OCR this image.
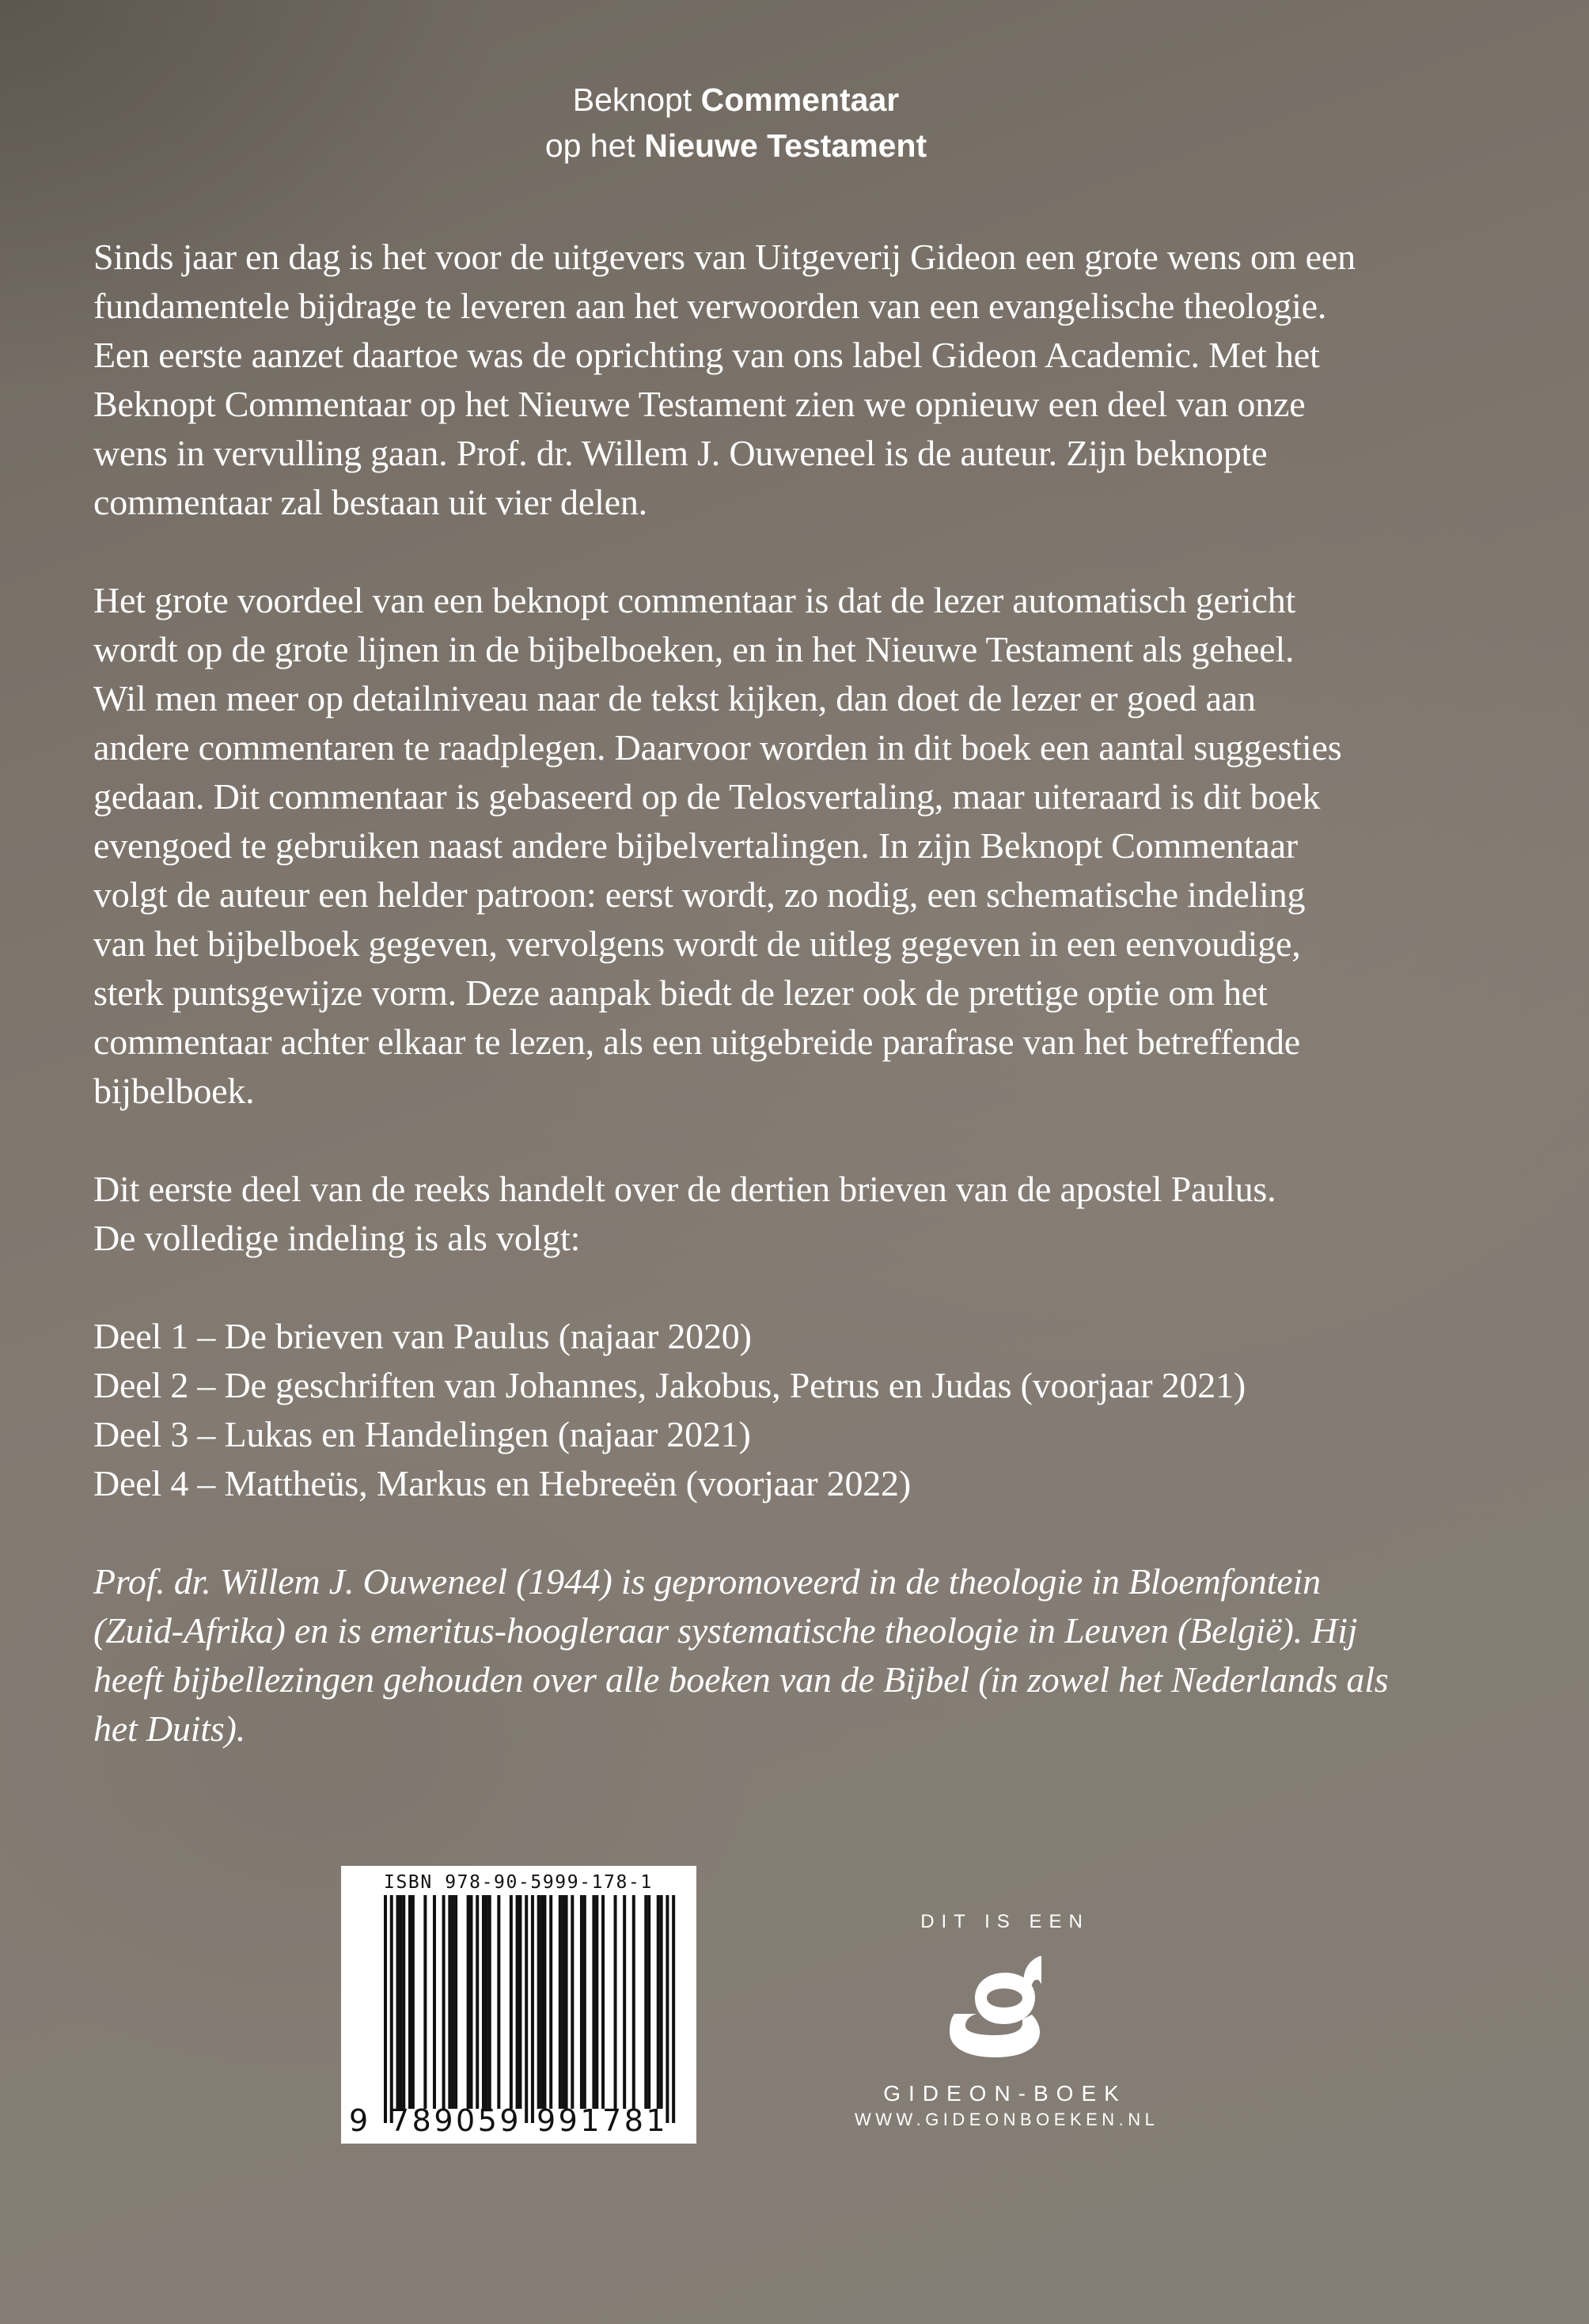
Beknopt Commentaar
op het Nieuwe Testament
Sinds jaar en dag is het voor de uitgevers van Uitgeverij Gideon een grote wens om een
fundamentele bijdrage te leveren aan het verwoorden van een evangelische theologie.
Een eerste aanzet daartoe was de oprichting van ons label Gideon Academic. Met het
Beknopt Commentaar op het Nieuwe Testament zien we opnieuw een deel van onze
wens in vervulling gaan. Prof. dr. Willem J. Ouweneel is de auteur. Zijn beknopte
commentaar zal bestaan uit vier delen.
Het grote voordeel van een beknopt commentaar is dat de lezer automatisch gericht
wordt op de grote lijnen in de bijbelboeken, en in het Nieuwe Testament als geheel.
Wil men meer op detailniveau naar de tekst kijken, dan doet de lezer er goed aan
andere commentaren te raadplegen. Daarvoor worden in dit boek een aantal suggesties
gedaan. Dit commentaar is gebaseerd op de Telosvertaling, maar uiteraard is dit boek
evengoed te gebruiken naast andere bijbelvertalingen. In zijn Beknopt Commentaar
volgt de auteur een helder patroon: eerst wordt, zo nodig, een schematische indeling
van het bijbelboek gegeven, vervolgens wordt de uitleg gegeven in een eenvoudige,
sterk puntsgewijze vorm. Deze aanpak biedt de lezer ook de prettige optie om het
commentaar achter elkaar te lezen, als een uitgebreide parafrase van het betreffende
bijbelboek.
Dit eerste deel van de reeks handelt over de dertien brieven van de apostel Paulus.
De volledige indeling is als volgt:
Deel 1 – De brieven van Paulus (najaar 2020)
Deel 2 – De geschriften van Johannes, Jakobus, Petrus en Judas (voorjaar 2021)
Deel 3 – Lukas en Handelingen (najaar 2021)
Deel 4 – Mattheüs, Markus en Hebreeën (voorjaar 2022)
Prof. dr. Willem J. Ouweneel (1944) is gepromoveerd in de theologie in Bloemfontein
(Zuid-Afrika) en is emeritus-hoogleraar systematische theologie in Leuven (België). Hij
heeft bijbellezingen gehouden over alle boeken van de Bijbel (in zowel het Nederlands als
het Duits).
ISBN 978-90-5999-178-1
9 789059 991781
DIT IS EEN
GIDEON-BOEK
WWW.GIDEONBOEKEN.NL
